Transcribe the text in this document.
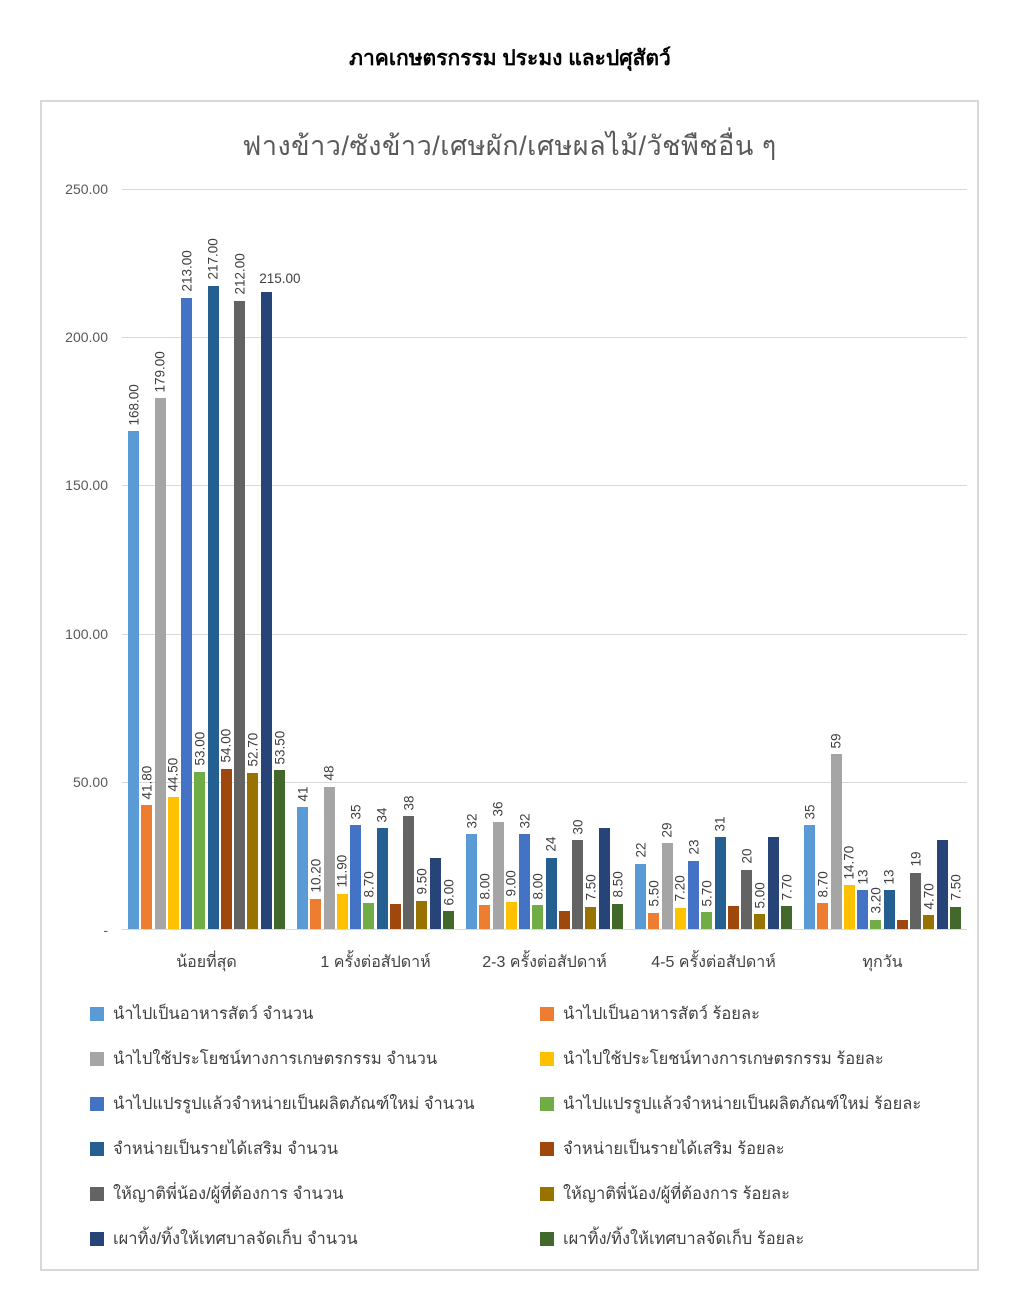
ภาคเกษตรกรรม ประมง และปศุสัตว์
ฟางข้าว/ซังข้าว/เศษผัก/เศษผลไม้/วัชพืชอื่น ๆ
250.00
200.00
150.00
100.00
50.00
-
168.00
41
32
22
35
41.80
10.20	8.00	5.50	8.70
179.00
48
36
29
59
44.50
11.90	9.00	7.20
14.70
213.00
35
32
23
13
53.00
8.70	8.00	5.70	3.20
217.00
34
24
31
13
54.00
212.00
38
30
20	19
52.70
9.50	7.50	5.00	4.70
215.00
53.50
6.00	8.50	7.70	7.50
น้อยที่สุด	1 ครั้งต่อสัปดาห์	2-3 ครั้งต่อสัปดาห์	4-5 ครั้งต่อสัปดาห์	ทุกวัน
นำไปเป็นอาหารสัตว์ จำนวน	นำไปเป็นอาหารสัตว์ ร้อยละ
นำไปใช้ประโยชน์ทางการเกษตรกรรม จำนวน	นำไปใช้ประโยชน์ทางการเกษตรกรรม ร้อยละ
นำไปแปรรูปแล้วจำหน่ายเป็นผลิตภัณฑ์ใหม่ จำนวน	นำไปแปรรูปแล้วจำหน่ายเป็นผลิตภัณฑ์ใหม่ ร้อยละ
จำหน่ายเป็นรายได้เสริม จำนวน	จำหน่ายเป็นรายได้เสริม ร้อยละ
ให้ญาติพี่น้อง/ผู้ที่ต้องการ จำนวน	ให้ญาติพี่น้อง/ผู้ที่ต้องการ ร้อยละ
เผาทิ้ง/ทิ้งให้เทศบาลจัดเก็บ จำนวน	เผาทิ้ง/ทิ้งให้เทศบาลจัดเก็บ ร้อยละ
